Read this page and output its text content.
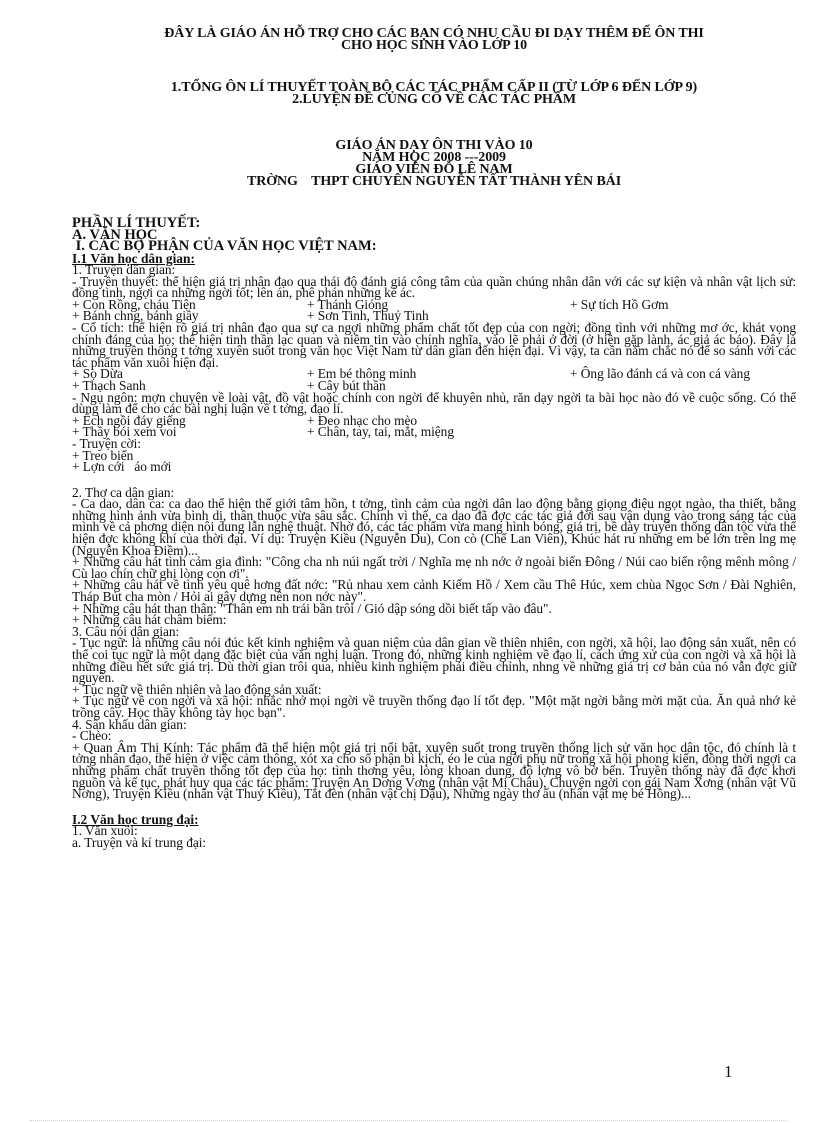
ĐÂY LÀ GIÁO ÁN HỖ TRỢ CHO CÁC BẠN CÓ NHU CẦU ĐI DẠY THÊM ĐỂ ÔN THI
CHO HỌC SINH VÀO LỚP 10
1.TỔNG ÔN LÍ THUYẾT TOÀN BỘ CÁC TÁC PHẨM CẤP II (TỪ LỚP 6 ĐẾN LỚP 9)
2.LUYỆN ĐỀ CỦNG CỐ VỀ CÁC TÁC PHẨM
GIÁO ÁN DẠY ÔN THI VÀO 10
NĂM HỌC 2008 ---2009
GIÁO VIÊN ĐỖ LÊ NAM
TRỜNG    THPT CHUYÊN NGUYỄN TẤT THÀNH YÊN BÁI
PHẦN LÍ THUYẾT:
A. VĂN HỌC
I. CÁC BỘ PHẬN CỦA VĂN HỌC VIỆT NAM:
I.1 Văn học dân gian:
1. Truyện dân gian:
- Truyền thuyết: thể hiện giá trị nhân đạo qua thái độ đánh giá công tâm của quần chúng nhân dân với các sự kiện và nhân vật lịch sử: đồng tình, ngợi ca những ngời tốt; lên án, phê phán những kẻ ác.
+ Con Rồng, cháu Tiên	+ Thánh Gióng	+ Sự tích Hồ Gơm
+ Bánh chng, bánh giầy	+ Sơn Tinh, Thuỷ Tinh
- Cổ tích: thể hiện rõ giá trị nhân đạo qua sự ca ngợi những phẩm chất tốt đẹp của con ngời; đồng tình với những mơ ớc, khát vọng chính đáng của họ; thể hiện tinh thần lạc quan và niềm tin vào chính nghĩa, vào lẽ phải ở đời (ở hiền gặp lành, ác giả ác báo). Đây là những truyền thống t tởng xuyên suốt trong văn học Việt Nam từ dân gian đến hiện đại. Vì vậy, ta cần nắm chắc nó để so sánh với các tác phẩm văn xuôi hiện đại.
+ Sọ Dừa	+ Em bé thông minh	+ Ông lão đánh cá và con cá vàng
+ Thạch Sanh	+ Cây bút thần
- Ngụ ngôn: mợn chuyện về loài vật, đồ vật hoặc chính con ngời để khuyên nhủ, răn dạy ngời ta bài học nào đó về cuộc sống. Có thể dùng làm để cho các bài nghị luận về t tởng, đạo lí.
+ Ếch ngồi đáy giếng	+ Đeo nhạc cho mèo
+ Thầy bói xem voi	+ Chân, tay, tai, mắt, miệng
- Truyện cời:
+ Treo biển
+ Lợn cới   áo mới
2. Thơ ca dân gian:
- Ca dao, dân ca: ca dao thể hiện thế giới tâm hồn, t tởng, tình cảm của ngời dân lao động bằng giọng điệu ngọt ngào, tha thiết, bằng những hình ảnh vừa bình dị, thân thuộc vừa sâu sắc. Chính vì thế, ca dao đã đợc các tác giả đời sau vận dụng vào trong sáng tác của mình về cả phơng diện nội dung lẫn nghệ thuật. Nhờ đó, các tác phẩm vừa mang hình bóng, giá trị, bề dày truyền thống dân tộc vừa thể hiện đợc không khí của thời đại. Ví dụ: Truyện Kiều (Nguyễn Du), Con cò (Chế Lan Viên), Khúc hát ru những em bé lớn trên lng mẹ (Nguyễn Khoa Điềm)...
+ Những câu hát tình cảm gia đình: "Công cha nh núi ngất trời / Nghĩa mẹ nh nớc ở ngoài biển Đông / Núi cao biển rộng mênh mông / Cù lao chín chữ ghi lòng con ơi".
+ Những câu hát về tình yêu quê hơng đất nớc: "Rủ nhau xem cảnh Kiếm Hồ / Xem cầu Thê Húc, xem chùa Ngọc Sơn / Đài Nghiên, Tháp Bút cha mòn / Hỏi ai gây dựng nên non nớc này".
+ Những câu hát than thân: "Thân em nh trái bần trôi / Gió dập sóng dồi biết tấp vào đâu".
+ Những câu hát châm biếm:
3. Câu nói dân gian:
- Tục ngữ: là những câu nói đúc kết kinh nghiệm và quan niệm của dân gian về thiên nhiên, con ngời, xã hội, lao động sản xuất, nên có thể coi tục ngữ là một dạng đặc biệt của văn nghị luận. Trong đó, những kinh nghiệm về đạo lí, cách ứng xử của con ngời và xã hội là những điều hết sức giá trị. Dù thời gian trôi qua, nhiều kinh nghiệm phải điều chỉnh, nhng về những giá trị cơ bản của nó vẫn đợc giữ nguyên.
+ Tục ngữ về thiên nhiên và lao động sản xuất:
+ Tục ngữ về con ngời và xã hội: nhắc nhở mọi ngời về truyền thống đạo lí tốt đẹp. "Một mặt ngời bằng mời mặt của. Ăn quả nhớ kẻ trồng cây. Học thầy không tày học bạn".
4. Sân khấu dân gian:
- Chèo:
+ Quan Âm Thị Kính: Tác phẩm đã thể hiện một giá trị nổi bật, xuyên suốt trong truyền thống lịch sử văn học dân tộc, đó chính là t tởng nhân đạo, thể hiện ở việc cảm thông, xót xa cho số phận bi kịch, éo le của ngời phụ nữ trong xã hội phong kiến, đồng thời ngợi ca những phẩm chất truyền thống tốt đẹp của họ: tình thơng yêu, lòng khoan dung, độ lợng vô bờ bến. Truyền thống này đã đợc khơi nguồn và kế tục, phát huy qua các tác phẩm: Truyện An Dơng Vơng (nhân vật Mị Châu), Chuyện ngời con gái Nam Xơng (nhân vật Vũ Nơng), Truyện Kiều (nhân vật Thuý Kiều), Tắt đèn (nhân vật chị Dậu), Những ngày thơ ấu (nhân vật mẹ bé Hồng)...
I.2 Văn học trung đại:
1. Văn xuôi:
a. Truyện và kí trung đại:
1
